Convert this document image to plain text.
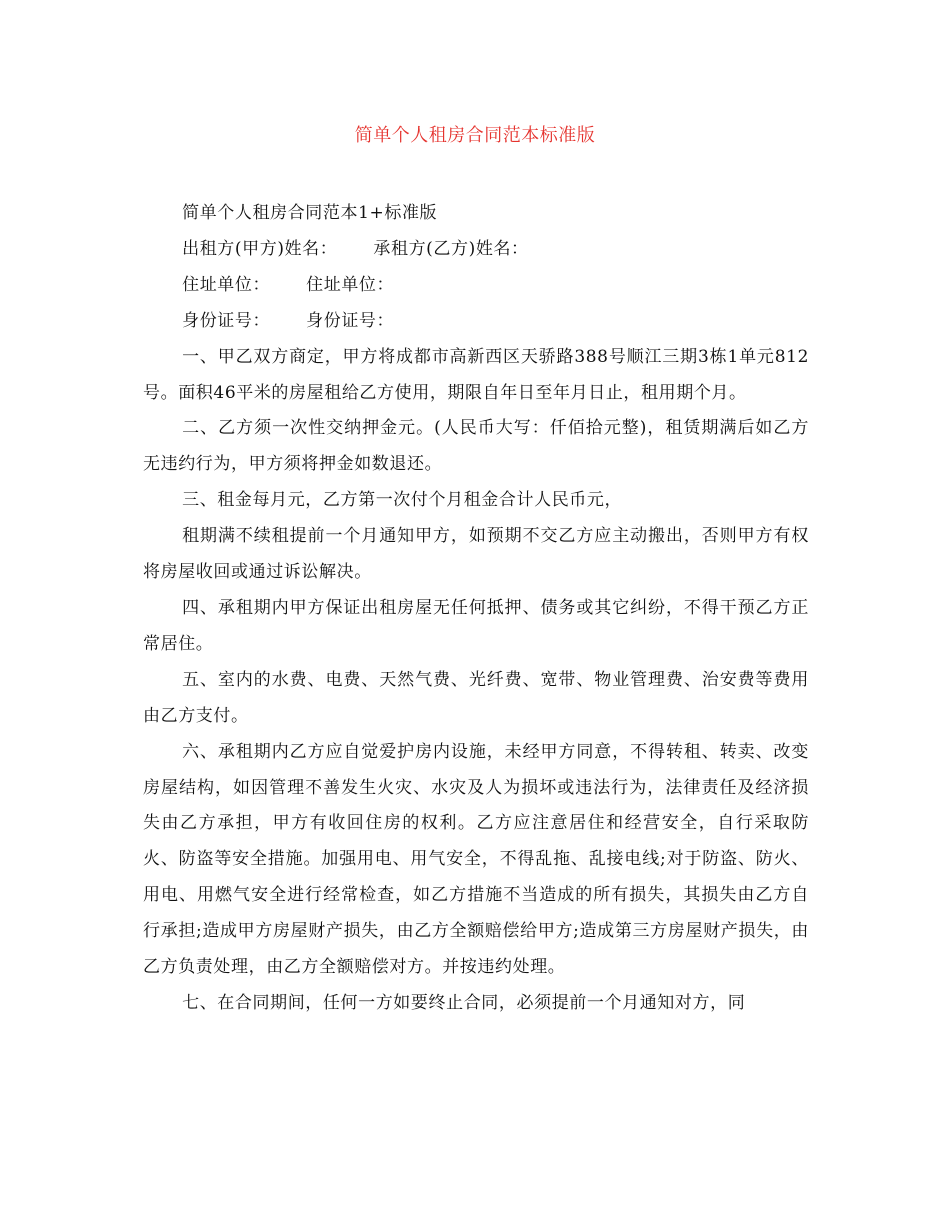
简单个人租房合同范本标准版

简单个人租房合同范本1+标准版

出租方(甲方)姓名：      承租方(乙方)姓名：

住址单位：      住址单位：

身份证号：      身份证号：

一、甲乙双方商定，甲方将成都市高新西区天骄路388号顺江三期3栋1单元812号。面积46平米的房屋租给乙方使用，期限自年日至年月日止，租用期个月。

二、乙方须一次性交纳押金元。(人民币大写：仟佰拾元整)，租赁期满后如乙方无违约行为，甲方须将押金如数退还。

三、租金每月元，乙方第一次付个月租金合计人民币元，

租期满不续租提前一个月通知甲方，如预期不交乙方应主动搬出，否则甲方有权将房屋收回或通过诉讼解决。

四、承租期内甲方保证出租房屋无任何抵押、债务或其它纠纷，不得干预乙方正常居住。

五、室内的水费、电费、天然气费、光纤费、宽带、物业管理费、治安费等费用由乙方支付。

六、承租期内乙方应自觉爱护房内设施，未经甲方同意，不得转租、转卖、改变房屋结构，如因管理不善发生火灾、水灾及人为损坏或违法行为，法律责任及经济损失由乙方承担，甲方有收回住房的权利。乙方应注意居住和经营安全，自行采取防火、防盗等安全措施。加强用电、用气安全，不得乱拖、乱接电线;对于防盗、防火、用电、用燃气安全进行经常检查，如乙方措施不当造成的所有损失，其损失由乙方自行承担;造成甲方房屋财产损失，由乙方全额赔偿给甲方;造成第三方房屋财产损失，由乙方负责处理，由乙方全额赔偿对方。并按违约处理。

七、在合同期间，任何一方如要终止合同，必须提前一个月通知对方，同
